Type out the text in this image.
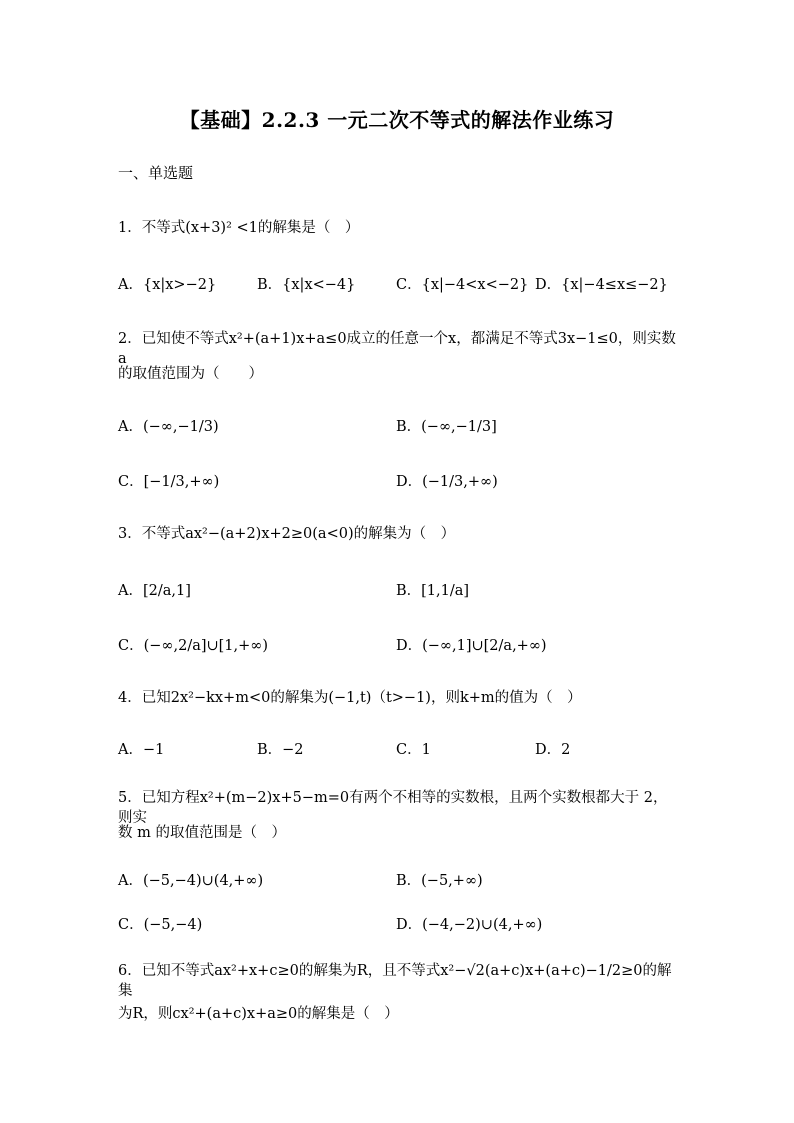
【基础】2.2.3 一元二次不等式的解法作业练习
一、单选题
1．不等式(x+3)² <1的解集是（　）
A．{x|x>−2}	B．{x|x<−4}	C．{x|−4<x<−2} D．{x|−4≤x≤−2}
2．已知使不等式x²+(a+1)x+a≤0成立的任意一个x，都满足不等式3x−1≤0，则实数a
的取值范围为（　　）
A．(−∞,−1/3)	B．(−∞,−1/3]
C．[−1/3,+∞)	D．(−1/3,+∞)
3．不等式ax²−(a+2)x+2≥0(a<0)的解集为（　）
A．[2/a,1]	B．[1,1/a]
C．(−∞,2/a]∪[1,+∞)	D．(−∞,1]∪[2/a,+∞)
4．已知2x²−kx+m<0的解集为(−1,t)（t>−1)，则k+m的值为（　）
A．−1	B．−2	C．1	D．2
5．已知方程x²+(m−2)x+5−m=0有两个不相等的实数根，且两个实数根都大于 2，则实
数 m 的取值范围是（　）
A．(−5,−4)∪(4,+∞)	B．(−5,+∞)
C．(−5,−4)	D．(−4,−2)∪(4,+∞)
6．已知不等式ax²+x+c≥0的解集为R，且不等式x²−√2(a+c)x+(a+c)−1/2≥0的解集
为R，则cx²+(a+c)x+a≥0的解集是（　）
